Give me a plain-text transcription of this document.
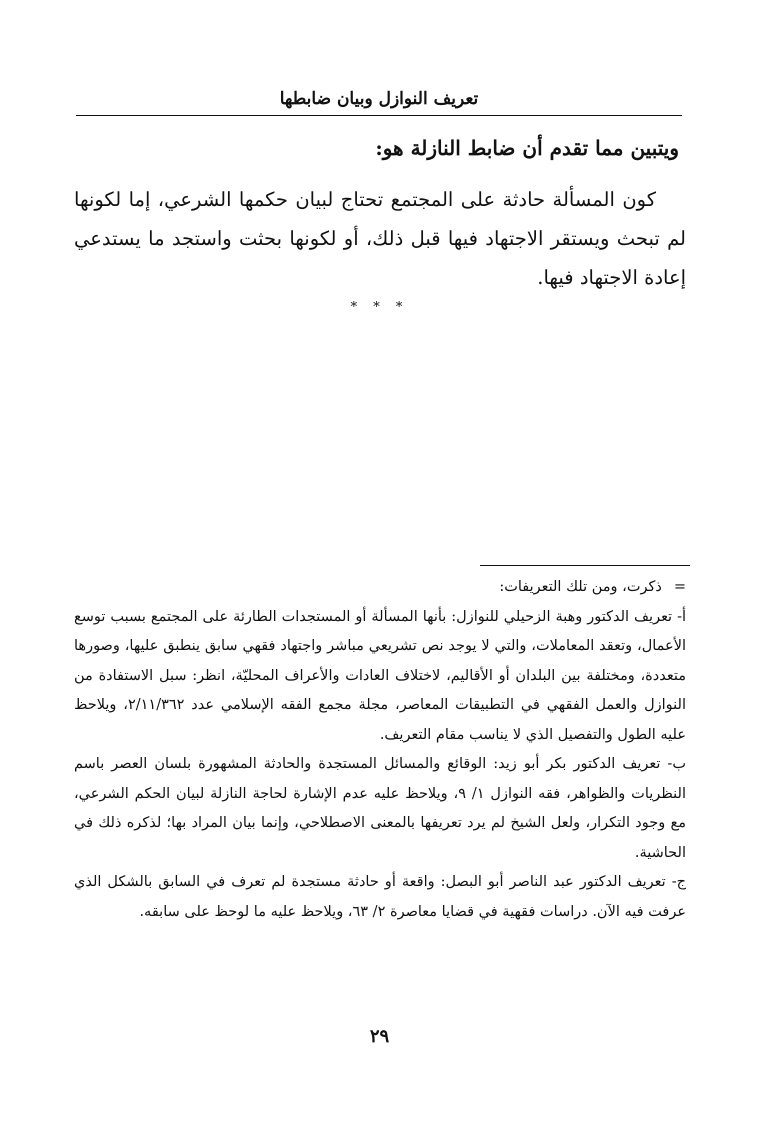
تعريف النوازل وبيان ضابطها
ويتبين مما تقدم أن ضابط النازلة هو:

كون المسألة حادثة على المجتمع تحتاج لبيان حكمها الشرعي، إما لكونها لم تبحث ويستقر الاجتهاد فيها قبل ذلك، أو لكونها بحثت واستجد ما يستدعي إعادة الاجتهاد فيها.

* * *

=ذكرت، ومن تلك التعريفات:

أ- تعريف الدكتور وهبة الزحيلي للنوازل: بأنها المسألة أو المستجدات الطارئة على المجتمع بسبب توسع الأعمال، وتعقد المعاملات، والتي لا يوجد نص تشريعي مباشر واجتهاد فقهي سابق ينطبق عليها، وصورها متعددة، ومختلفة بين البلدان أو الأقاليم، لاختلاف العادات والأعراف المحليّة، انظر: سبل الاستفادة من النوازل والعمل الفقهي في التطبيقات المعاصر، مجلة مجمع الفقه الإسلامي عدد ٢/١١/٣٦٢، ويلاحظ عليه الطول والتفصيل الذي لا يناسب مقام التعريف.

ب- تعريف الدكتور بكر أبو زيد: الوقائع والمسائل المستجدة والحادثة المشهورة بلسان العصر باسم النظريات والظواهر، فقه النوازل ١/ ٩، ويلاحظ عليه عدم الإشارة لحاجة النازلة لبيان الحكم الشرعي، مع وجود التكرار، ولعل الشيخ لم يرد تعريفها بالمعنى الاصطلاحي، وإنما بيان المراد بها؛ لذكره ذلك في الحاشية.

ج- تعريف الدكتور عبد الناصر أبو البصل: واقعة أو حادثة مستجدة لم تعرف في السابق بالشكل الذي عرفت فيه الآن. دراسات فقهية في قضايا معاصرة ٢/ ٦٣، ويلاحظ عليه ما لوحظ على سابقه.

٢٩
